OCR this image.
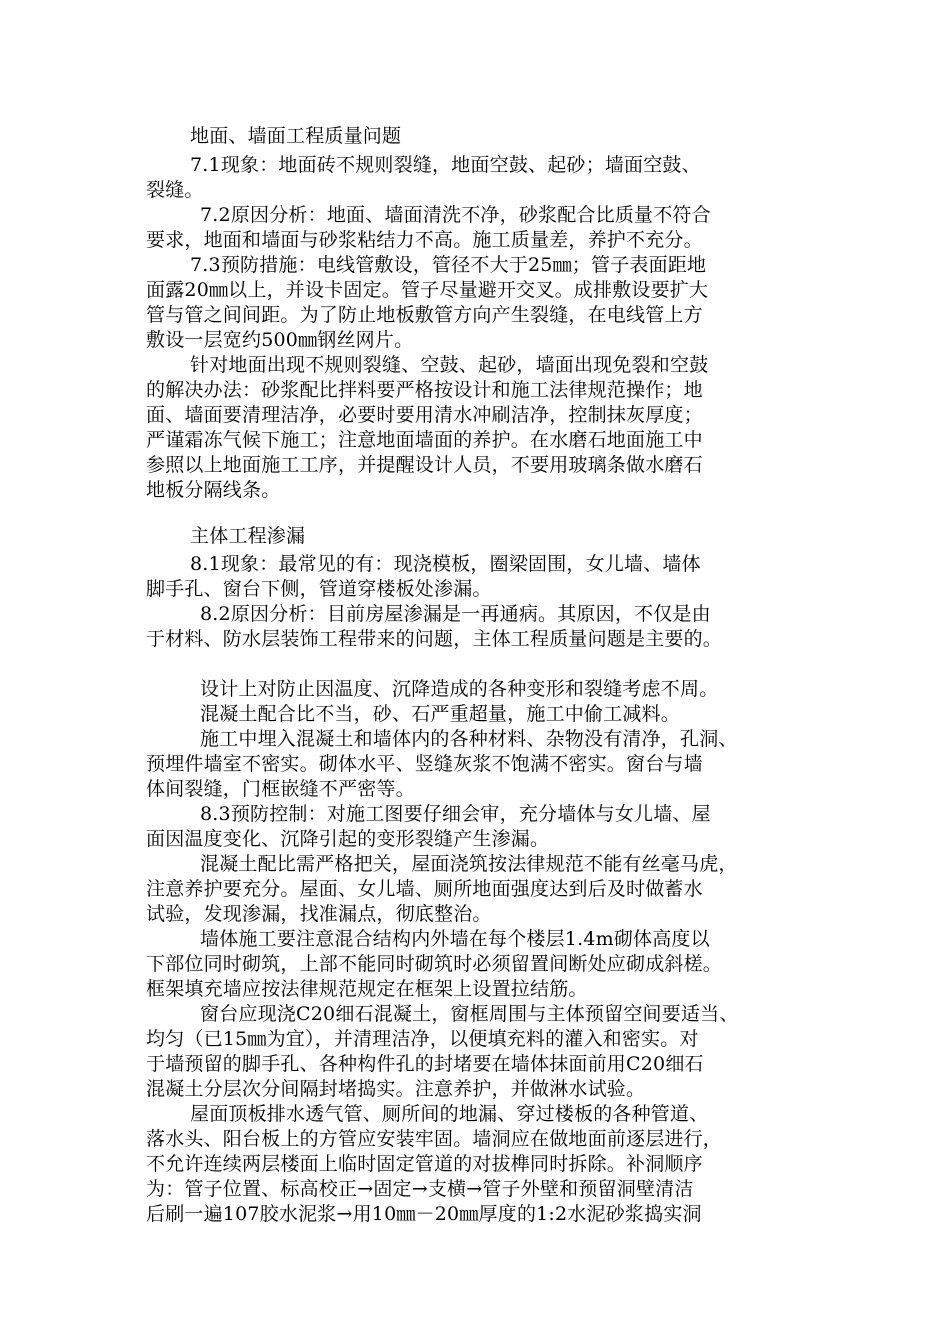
地面、墙面工程质量问题
7.1现象：地面砖不规则裂缝，地面空鼓、起砂；墙面空鼓、
裂缝。
7.2原因分析：地面、墙面清洗不净，砂浆配合比质量不符合
要求，地面和墙面与砂浆粘结力不高。施工质量差，养护不充分。
7.3预防措施：电线管敷设，管径不大于25㎜；管子表面距地
面露20㎜以上，并设卡固定。管子尽量避开交叉。成排敷设要扩大
管与管之间间距。为了防止地板敷管方向产生裂缝，在电线管上方
敷设一层宽约500㎜钢丝网片。
针对地面出现不规则裂缝、空鼓、起砂，墙面出现免裂和空鼓
的解决办法：砂浆配比拌料要严格按设计和施工法律规范操作；地
面、墙面要清理洁净，必要时要用清水冲刷洁净，控制抹灰厚度；
严谨霜冻气候下施工；注意地面墙面的养护。在水磨石地面施工中
参照以上地面施工工序，并提醒设计人员，不要用玻璃条做水磨石
地板分隔线条。
主体工程渗漏
8.1现象：最常见的有：现浇模板，圈梁固围，女儿墙、墙体
脚手孔、窗台下侧，管道穿楼板处渗漏。
8.2原因分析：目前房屋渗漏是一再通病。其原因，不仅是由
于材料、防水层装饰工程带来的问题，主体工程质量问题是主要的。
设计上对防止因温度、沉降造成的各种变形和裂缝考虑不周。
混凝土配合比不当，砂、石严重超量，施工中偷工减料。
施工中埋入混凝土和墙体内的各种材料、杂物没有清净，孔洞、
预埋件墙室不密实。砌体水平、竖缝灰浆不饱满不密实。窗台与墙
体间裂缝，门框嵌缝不严密等。
8.3预防控制：对施工图要仔细会审，充分墙体与女儿墙、屋
面因温度变化、沉降引起的变形裂缝产生渗漏。
混凝土配比需严格把关，屋面浇筑按法律规范不能有丝毫马虎，
注意养护要充分。屋面、女儿墙、厕所地面强度达到后及时做蓄水
试验，发现渗漏，找准漏点，彻底整治。
墙体施工要注意混合结构内外墙在每个楼层1.4m砌体高度以
下部位同时砌筑，上部不能同时砌筑时必须留置间断处应砌成斜槎。
框架填充墙应按法律规范规定在框架上设置拉结筋。
窗台应现浇C20细石混凝土，窗框周围与主体预留空间要适当、
均匀（已15㎜为宜），并清理洁净，以便填充料的灌入和密实。对
于墙预留的脚手孔、各种构件孔的封堵要在墙体抹面前用C20细石
混凝土分层次分间隔封堵捣实。注意养护，并做淋水试验。
屋面顶板排水透气管、厕所间的地漏、穿过楼板的各种管道、
落水头、阳台板上的方管应安装牢固。墙洞应在做地面前逐层进行，
不允许连续两层楼面上临时固定管道的对拔榫同时拆除。补洞顺序
为：管子位置、标高校正→固定→支横→管子外壁和预留洞壁清洁
后刷一遍107胶水泥浆→用10㎜－20㎜厚度的1:2水泥砂浆捣实洞
